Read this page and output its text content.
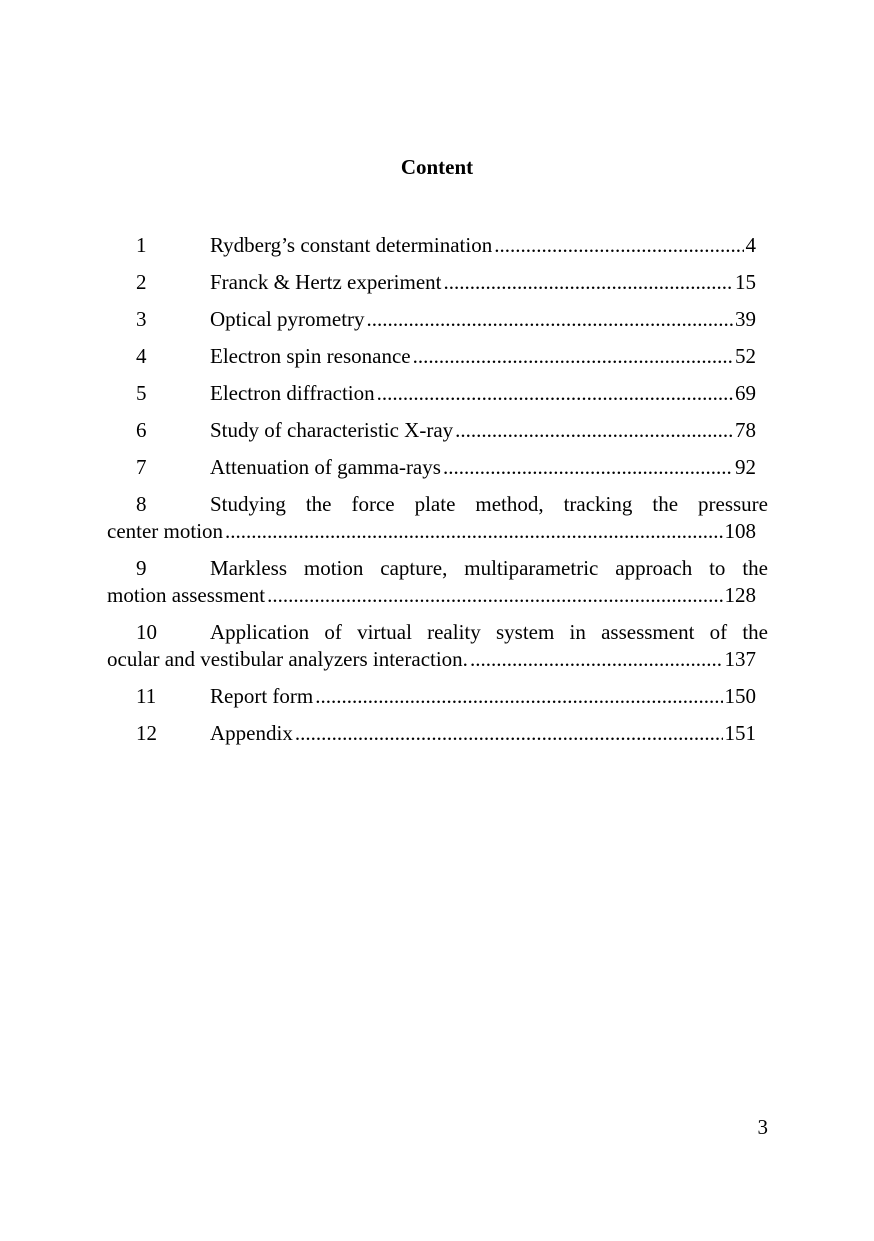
Content
1	Rydberg’s constant determination .....	4
2	Franck & Hertz experiment .....	15
3	Optical pyrometry .....	39
4	Electron spin resonance .....	52
5	Electron diffraction .....	69
6	Study of characteristic X-ray .....	78
7	Attenuation of gamma-rays .....	92
8	Studying the force plate method, tracking the pressure
center motion .....	108
9	Markless motion capture, multiparametric approach to the
motion assessment .....	128
10	Application of virtual reality system in assessment of the
ocular and vestibular analyzers interaction. .....	137
11	Report form .....	150
12	Appendix .....	151
3
